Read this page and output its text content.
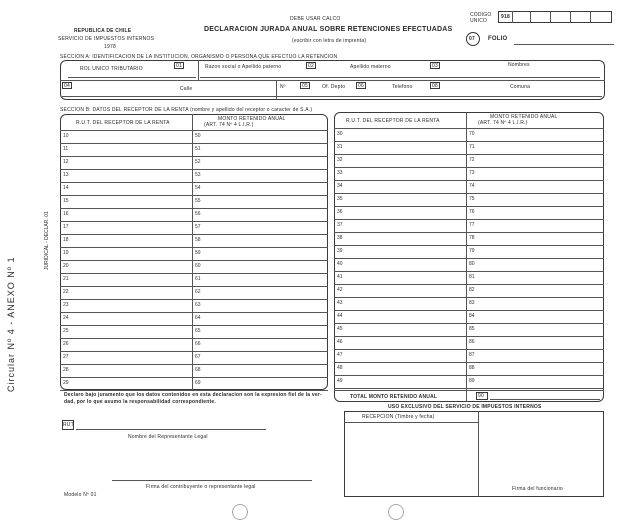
Circular Nº 4 - ANEXO Nº 1
JURIDICAL - DECLAR. 01
REPUBLICA DE CHILE
SERVICIO DE IMPUESTOS INTERNOS
1978
DEBE USAR CALCO
DECLARACION JURADA ANUAL SOBRE RETENCIONES EFECTUADAS
(escribir con letra de imprenta)
CODIGO
UNICO
918
07 FOLIO
SECCION A: IDENTIFICACION DE LA INSTITUCION, ORGANISMO O PERSONA QUE EFECTUO LA RETENCION
ROL UNICO TRIBUTARIO	01	Razon social o Apellido paterno	02	Apellido materno	03	Nombres
04	Calle	Nº	05	Of. Depto	06	Telefono	08	Comuna
SECCION B: DATOS DEL RECEPTOR DE LA RENTA (nombre y apellido del receptor o caracter de S.A.)
R.U.T. DEL RECEPTOR DE LA RENTA
MONTO RETENIDO ANUAL
(ART. 74 Nº 4 L.I.R.)
10	50
11	51
12	52
13	53
14	54
15	55
16	56
17	57
18	58
19	59
20	60
21	61
22	62
23	63
24	64
25	65
26	66
27	67
28	68
29	69
R.U.T. DEL RECEPTOR DE LA RENTA
MONTO RETENIDO ANUAL
(ART. 74 Nº 4 L.I.R.)
30	70
31	71
32	72
33	73
34	74
35	75
36	76
37	77
38	78
39	79
40	80
41	81
42	82
43	83
44	84
45	85
46	86
47	87
48	88
49	89
TOTAL MONTO RETENIDO ANUAL	90
Declaro bajo juramento que los datos contenidos en esta declaracion son la expresion fiel de la ver-
dad, por lo que asumo la responsabilidad correspondiente.
RUT
Nombre del Representante Legal
Firma del contribuyente o representante legal
USO EXCLUSIVO DEL SERVICIO DE IMPUESTOS INTERNOS
RECEPCION (Timbre y fecha)
Firma del funcionario
Modelo Nº 01
